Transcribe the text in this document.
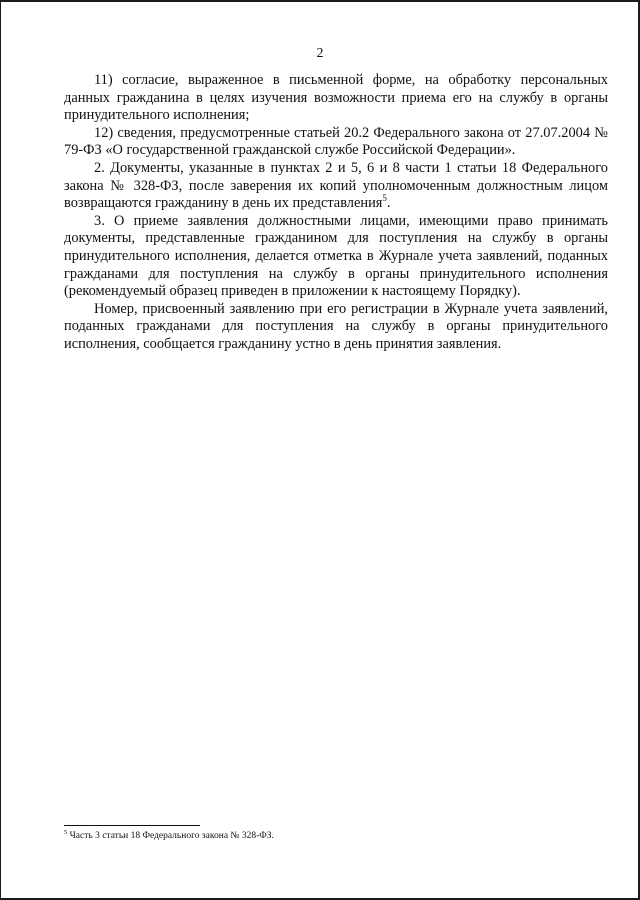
2

11) согласие, выраженное в письменной форме, на обработку персональных данных гражданина в целях изучения возможности приема его на службу в органы принудительного исполнения;

12) сведения, предусмотренные статьей 20.2 Федерального закона от 27.07.2004 № 79-ФЗ «О государственной гражданской службе Российской Федерации».

2. Документы, указанные в пунктах 2 и 5, 6 и 8 части 1 статьи 18 Федерального закона № 328-ФЗ, после заверения их копий уполномоченным должностным лицом возвращаются гражданину в день их представления$^5$.

3. О приеме заявления должностными лицами, имеющими право принимать документы, представленные гражданином для поступления на службу в органы принудительного исполнения, делается отметка в Журнале учета заявлений, поданных гражданами для поступления на службу в органы принудительного исполнения (рекомендуемый образец приведен в приложении к настоящему Порядку).

Номер, присвоенный заявлению при его регистрации в Журнале учета заявлений, поданных гражданами для поступления на службу в органы принудительного исполнения, сообщается гражданину устно в день принятия заявления.

$^5$ Часть 3 статьи 18 Федерального закона № 328-ФЗ.
